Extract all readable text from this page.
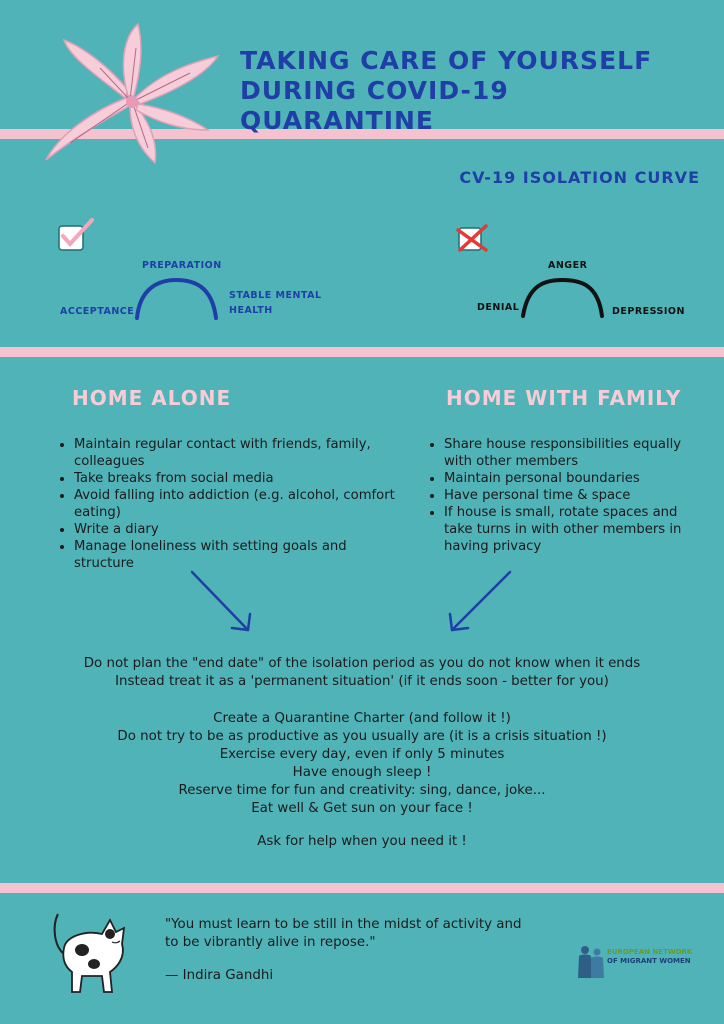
TAKING CARE OF YOURSELF
DURING COVID-19 QUARANTINE
CV-19 ISOLATION CURVE
PREPARATION
ACCEPTANCE
STABLE MENTAL
HEALTH
ANGER
DENIAL	DEPRESSION
HOME ALONE
• Maintain regular contact with friends, family, colleagues
• Take breaks from social media
• Avoid falling into addiction (e.g. alcohol, comfort eating)
• Write a diary
• Manage loneliness with setting goals and structure
HOME WITH FAMILY
• Share house responsibilities equally with other members
• Maintain personal boundaries
• Have personal time & space
• If house is small, rotate spaces and take turns in with other members in having privacy
Do not plan the "end date" of the isolation period as you do not know when it ends
Instead treat it as a 'permanent situation' (if it ends soon - better for you)
Create a Quarantine Charter (and follow it !)
Do not try to be as productive as you usually are (it is a crisis situation !)
Exercise every day, even if only 5 minutes
Have enough sleep !
Reserve time for fun and creativity: sing, dance, joke...
Eat well & Get sun on your face !
Ask for help when you need it !
"You must learn to be still in the midst of activity and
to be vibrantly alive in repose."
— Indira Gandhi
EUROPEAN NETWORK
OF MIGRANT WOMEN
